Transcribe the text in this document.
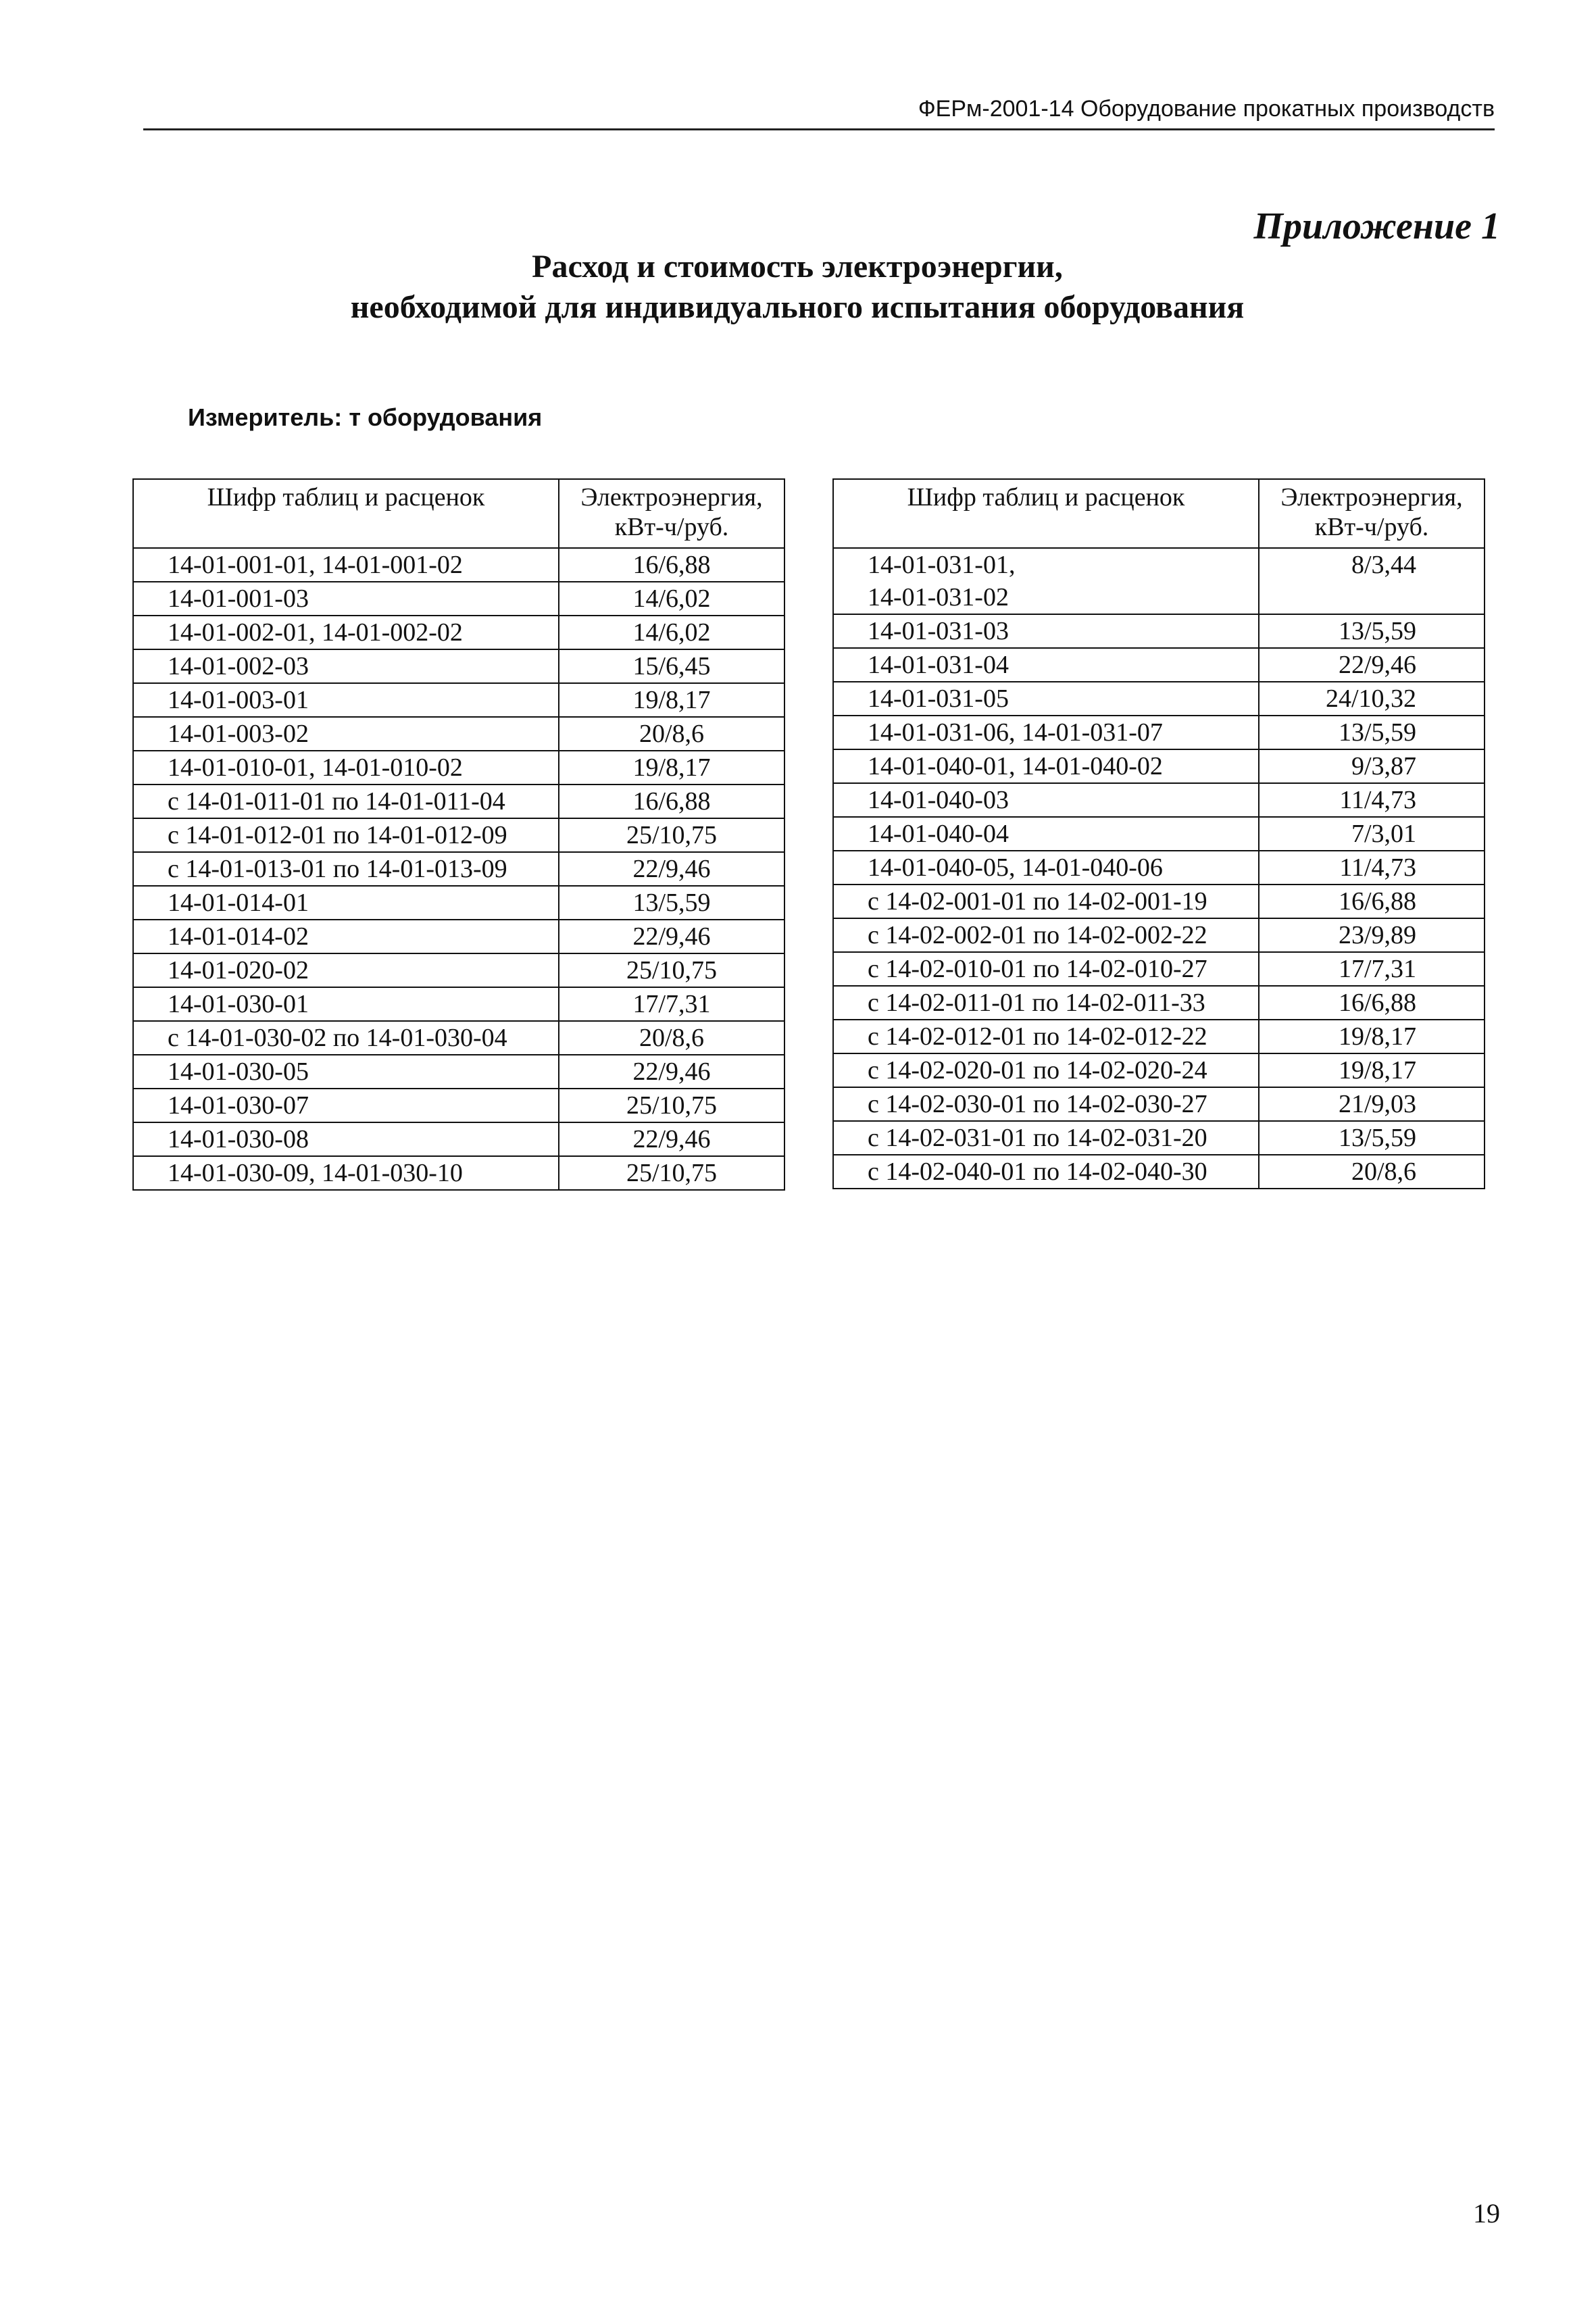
ФЕРм-2001-14 Оборудование прокатных производств
Приложение 1
Расход и стоимость электроэнергии,
необходимой для индивидуального испытания оборудования
Измеритель: т оборудования
Шифр таблиц и расценок	Электроэнергия,
кВт-ч/руб.

14-01-001-01, 14-01-001-02	16/6,88
14-01-001-03	14/6,02
14-01-002-01, 14-01-002-02	14/6,02
14-01-002-03	15/6,45
14-01-003-01	19/8,17
14-01-003-02	20/8,6
14-01-010-01, 14-01-010-02	19/8,17
с 14-01-011-01 по 14-01-011-04	16/6,88
с 14-01-012-01 по 14-01-012-09	25/10,75
с 14-01-013-01 по 14-01-013-09	22/9,46
14-01-014-01	13/5,59
14-01-014-02	22/9,46
14-01-020-02	25/10,75
14-01-030-01	17/7,31
с 14-01-030-02 по 14-01-030-04	20/8,6
14-01-030-05	22/9,46
14-01-030-07	25/10,75
14-01-030-08	22/9,46
14-01-030-09, 14-01-030-10	25/10,75
Шифр таблиц и расценок	Электроэнергия,
кВт-ч/руб.

14-01-031-01,
14-01-031-02	8/3,44
14-01-031-03	13/5,59
14-01-031-04	22/9,46
14-01-031-05	24/10,32
14-01-031-06, 14-01-031-07	13/5,59
14-01-040-01, 14-01-040-02	9/3,87
14-01-040-03	11/4,73
14-01-040-04	7/3,01
14-01-040-05, 14-01-040-06	11/4,73
с 14-02-001-01 по 14-02-001-19	16/6,88
с 14-02-002-01 по 14-02-002-22	23/9,89
с 14-02-010-01 по 14-02-010-27	17/7,31
с 14-02-011-01 по 14-02-011-33	16/6,88
с 14-02-012-01 по 14-02-012-22	19/8,17
с 14-02-020-01 по 14-02-020-24	19/8,17
с 14-02-030-01 по 14-02-030-27	21/9,03
с 14-02-031-01 по 14-02-031-20	13/5,59
с 14-02-040-01 по 14-02-040-30	20/8,6
19
